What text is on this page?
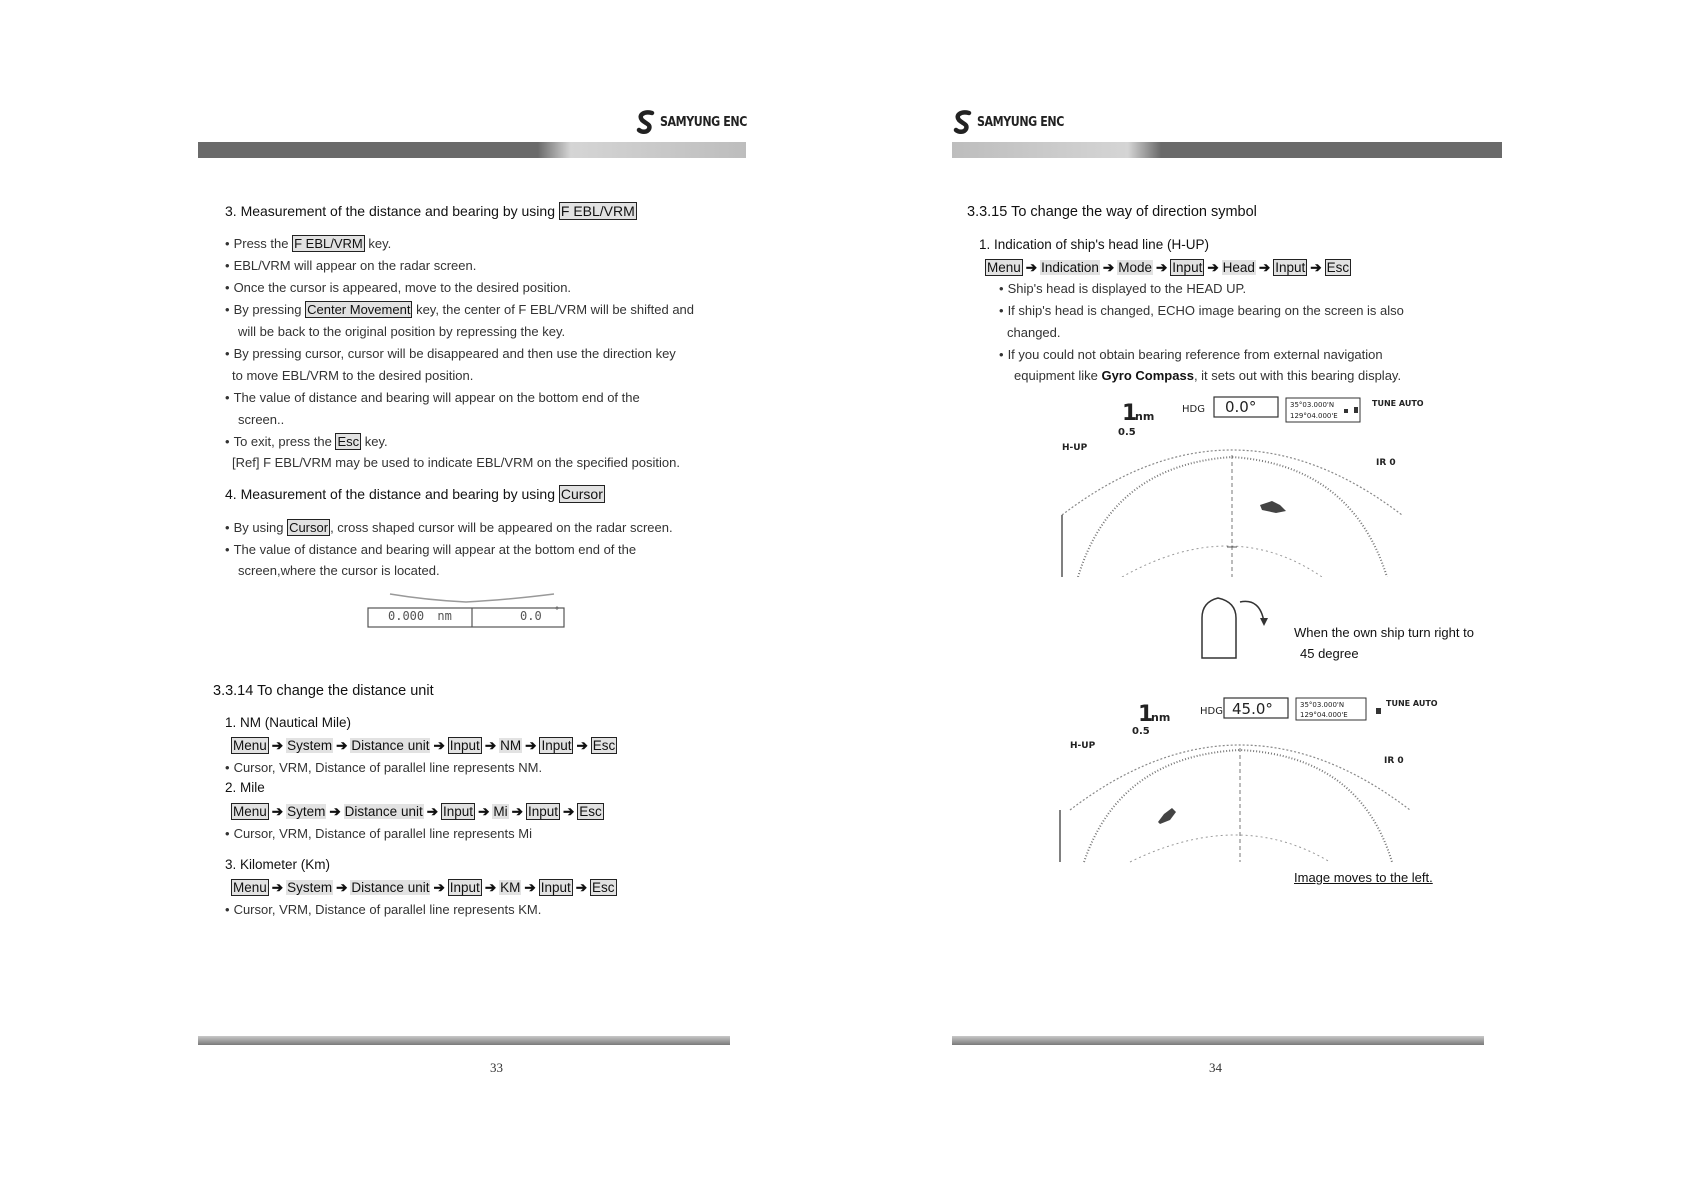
SAMYUNG ENC
3. Measurement of the distance and bearing by using F EBL/VRM
• Press the F EBL/VRM key.
• EBL/VRM will appear on the radar screen.
• Once the cursor is appeared, move to the desired position.
• By pressing Center Movement key, the center of F EBL/VRM will be shifted and
will be back to the original position by repressing the key.
• By pressing cursor, cursor will be disappeared and then use the direction key
to move EBL/VRM to the desired position.
• The value of distance and bearing will appear on the bottom end of the
screen..
• To exit, press the Esc key.
[Ref] F EBL/VRM may be used to indicate EBL/VRM on the specified position.
4. Measurement of the distance and bearing by using Cursor
• By using Cursor , cross shaped cursor will be appeared on the radar screen.
• The value of distance and bearing will appear at the bottom end of the
screen,where the cursor is located.
0.000 nm	0.0 °
3.3.14 To change the distance unit
1. NM (Nautical Mile)
Menu ➔ System ➔ Distance unit ➔ Input ➔ NM ➔ Input ➔ Esc
• Cursor, VRM, Distance of parallel line represents NM.
2. Mile
Menu ➔ Sytem ➔ Distance unit ➔ Input ➔ Mi ➔ Input ➔ Esc
• Cursor, VRM, Distance of parallel line represents Mi
3. Kilometer (Km)
Menu ➔ System ➔ Distance unit ➔ Input ➔ KM ➔ Input ➔ Esc
• Cursor, VRM, Distance of parallel line represents KM.
33
SAMYUNG ENC
3.3.15 To change the way of direction symbol
1. Indication of ship's head line (H-UP)
Menu ➔ Indication ➔ Mode ➔ Input ➔ Head ➔ Input ➔ Esc
• Ship's head is displayed to the HEAD UP.
• If ship's head is changed, ECHO image bearing on the screen is also
changed.
• If you could not obtain bearing reference from external navigation
equipment like Gyro Compass, it sets out with this bearing display.
1
nm
0.5
HDG 0.0°	35°03.000'N
129°04.000'E
TUNE AUTO
H-UP
IR 0
When the own ship turn right to
45 degree
1
nm
0.5
HDG 45.0°	35°03.000'N
129°04.000'E
TUNE AUTO
H-UP
IR 0
Image moves to the left.
34
